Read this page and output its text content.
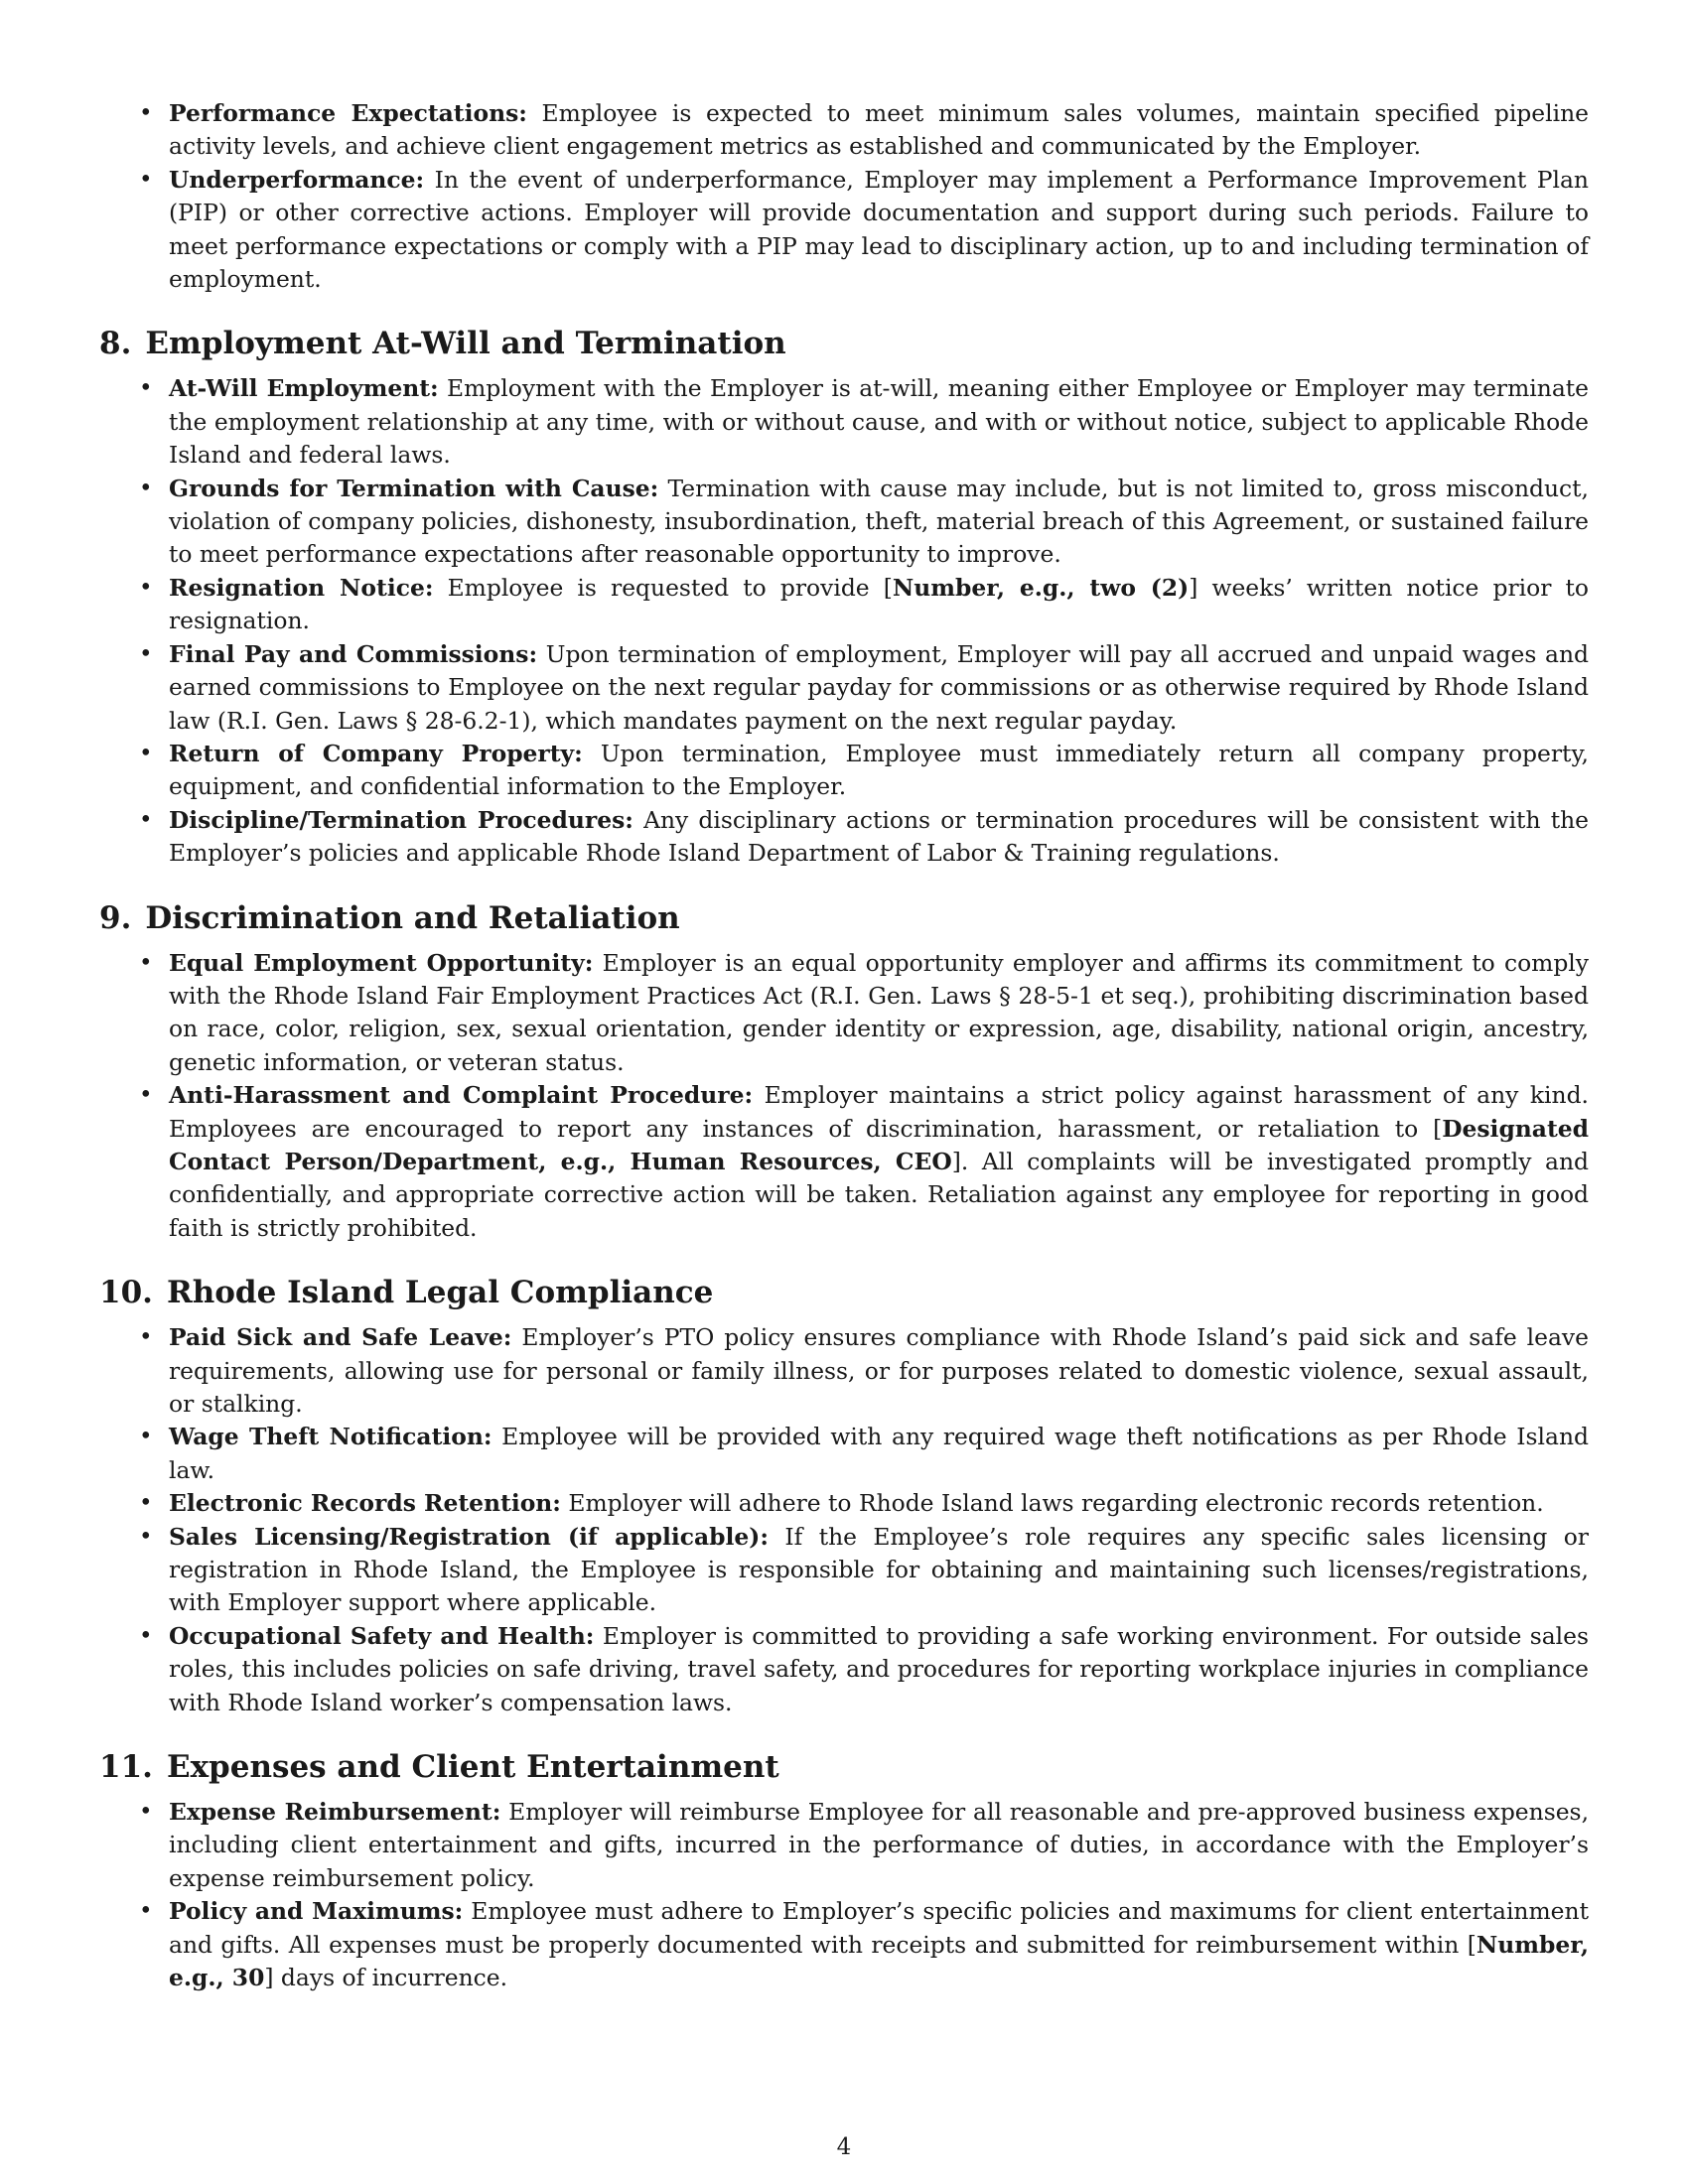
• Performance Expectations: Employee is expected to meet minimum sales volumes, maintain specified pipeline activity levels, and achieve client engagement metrics as established and communicated by the Employer.
• Underperformance: In the event of underperformance, Employer may implement a Performance Improvement Plan (PIP) or other corrective actions. Employer will provide documentation and support during such periods. Failure to meet performance expectations or comply with a PIP may lead to disciplinary action, up to and including termination of employment.
8. Employment At-Will and Termination
• At-Will Employment: Employment with the Employer is at-will, meaning either Employee or Employer may terminate the employment relationship at any time, with or without cause, and with or without notice, subject to applicable Rhode Island and federal laws.
• Grounds for Termination with Cause: Termination with cause may include, but is not limited to, gross misconduct, violation of company policies, dishonesty, insubordination, theft, material breach of this Agreement, or sustained failure to meet performance expectations after reasonable opportunity to improve.
• Resignation Notice: Employee is requested to provide [Number, e.g., two (2)] weeks’ written notice prior to resignation.
• Final Pay and Commissions: Upon termination of employment, Employer will pay all accrued and unpaid wages and earned commissions to Employee on the next regular payday for commissions or as otherwise required by Rhode Island law (R.I. Gen. Laws § 28-6.2-1), which mandates payment on the next regular payday.
• Return of Company Property: Upon termination, Employee must immediately return all company property, equipment, and confidential information to the Employer.
• Discipline/Termination Procedures: Any disciplinary actions or termination procedures will be consistent with the Employer’s policies and applicable Rhode Island Department of Labor & Training regulations.
9. Discrimination and Retaliation
• Equal Employment Opportunity: Employer is an equal opportunity employer and affirms its commitment to comply with the Rhode Island Fair Employment Practices Act (R.I. Gen. Laws § 28-5-1 et seq.), prohibiting discrimination based on race, color, religion, sex, sexual orientation, gender identity or expression, age, disability, national origin, ancestry, genetic information, or veteran status.
• Anti-Harassment and Complaint Procedure: Employer maintains a strict policy against harassment of any kind. Employees are encouraged to report any instances of discrimination, harassment, or retaliation to [Designated Contact Person/Department, e.g., Human Resources, CEO]. All complaints will be investigated promptly and confidentially, and appropriate corrective action will be taken. Retaliation against any employee for reporting in good faith is strictly prohibited.
10. Rhode Island Legal Compliance
• Paid Sick and Safe Leave: Employer’s PTO policy ensures compliance with Rhode Island’s paid sick and safe leave requirements, allowing use for personal or family illness, or for purposes related to domestic violence, sexual assault, or stalking.
• Wage Theft Notification: Employee will be provided with any required wage theft notifications as per Rhode Island law.
• Electronic Records Retention: Employer will adhere to Rhode Island laws regarding electronic records retention.
• Sales Licensing/Registration (if applicable): If the Employee’s role requires any specific sales licensing or registration in Rhode Island, the Employee is responsible for obtaining and maintaining such licenses/registrations, with Employer support where applicable.
• Occupational Safety and Health: Employer is committed to providing a safe working environment. For outside sales roles, this includes policies on safe driving, travel safety, and procedures for reporting workplace injuries in compliance with Rhode Island worker’s compensation laws.
11. Expenses and Client Entertainment
• Expense Reimbursement: Employer will reimburse Employee for all reasonable and pre-approved business expenses, including client entertainment and gifts, incurred in the performance of duties, in accordance with the Employer’s expense reimbursement policy.
• Policy and Maximums: Employee must adhere to Employer’s specific policies and maximums for client entertainment and gifts. All expenses must be properly documented with receipts and submitted for reimbursement within [Number, e.g., 30] days of incurrence.
4
